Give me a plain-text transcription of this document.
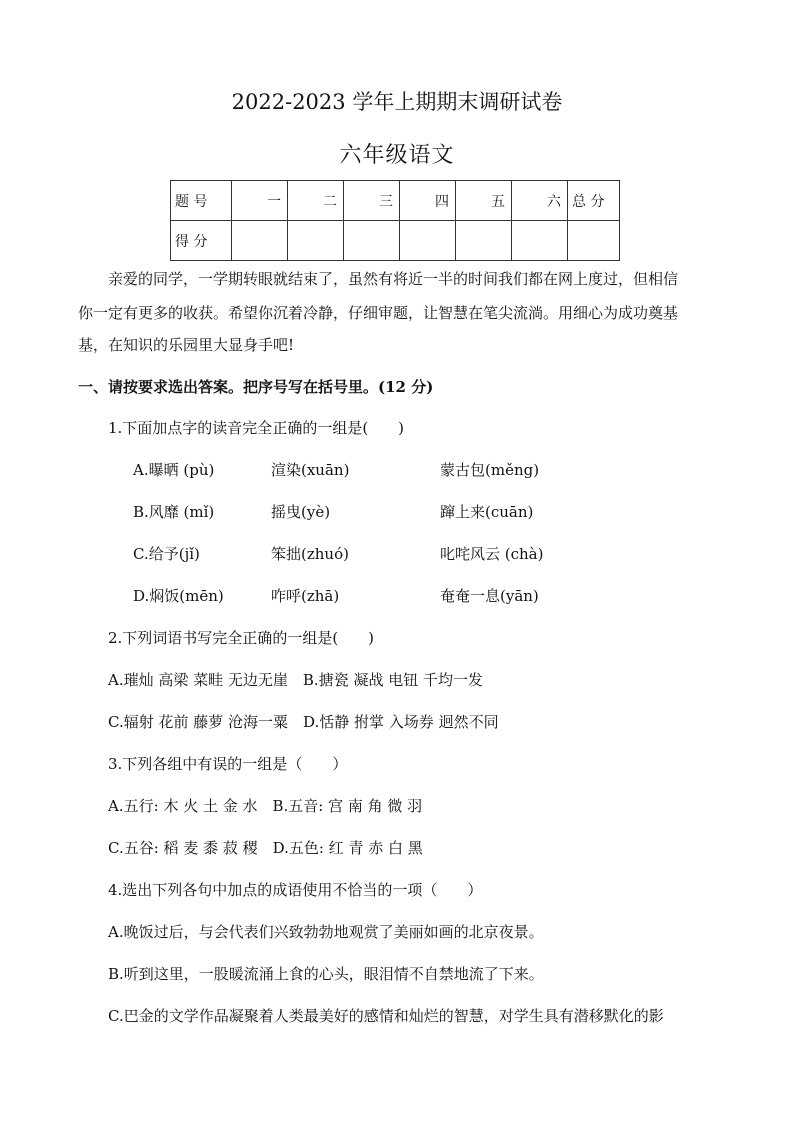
2022-2023 学年上期期末调研试卷
六年级语文
题 号	一	二	三	四	五	六	总 分
得 分							
亲爱的同学，一学期转眼就结束了，虽然有将近一半的时间我们都在网上度过，但相信
你一定有更多的收获。希望你沉着冷静，仔细审题，让智慧在笔尖流淌。用细心为成功奠基
基，在知识的乐园里大显身手吧!
一、请按要求选出答案。把序号写在括号里。(12 分)
1.下面加点字的读音完全正确的一组是(　　)
A.曝晒 (pù)	渲染(xuān)	蒙古包(měng)
B.风靡 (mǐ)	摇曳(yè)	蹿上来(cuān)
C.给予(jǐ)	笨拙(zhuó)	叱咤风云 (chà)
D.焖饭(mēn)	咋呼(zhā)	奄奄一息(yān)
2.下列词语书写完全正确的一组是(　　)
A.璀灿 高梁 菜畦 无边无崖　B.搪瓷 凝战 电钮 千均一发
C.辐射 花前 藤萝 沧海一粟　D.恬静 拊掌 入场券 迥然不同
3.下列各组中有误的一组是（　　）
A.五行: 木 火 土 金 水　B.五音: 宫 南 角 微 羽
C.五谷: 稻 麦 黍 菽 稷　D.五色: 红 青 赤 白 黑
4.选出下列各句中加点的成语使用不恰当的一项（　　）
A.晚饭过后，与会代表们兴致勃勃地观赏了美丽如画的北京夜景。
B.听到这里，一股暖流涌上食的心头，眼泪情不自禁地流了下来。
C.巴金的文学作品凝聚着人类最美好的感情和灿烂的智慧，对学生具有潜移默化的影
